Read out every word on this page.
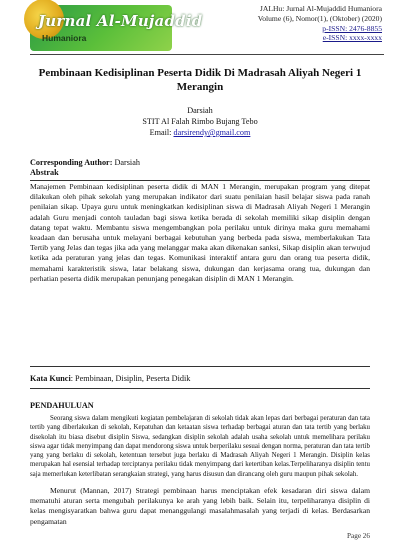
Jurnal Al-Mujaddid
Humaniora
JALHu: Jurnal Al-Mujaddid Humaniora
Volume (6), Nomor(1), (Oktober) (2020)
p-ISSN: 2476-8855
e-ISSN: xxxx-xxxx
Pembinaan Kedisiplinan Peserta Didik Di Madrasah Aliyah Negeri 1 Merangin
Darsiah
STIT Al Falah Rimbo Bujang Tebo
Email: darsirendy@gmail.com
Corresponding Author: Darsiah
Abstrak
Manajemen Pembinaan kedisiplinan peserta didik di MAN 1 Merangin, merupakan program yang ditepat dilakukan oleh pihak sekolah yang merupakan indikator dari suatu penilaian hasil belajar siswa pada ranah penilaian sikap. Upaya guru untuk meningkatkan kedisiplinan siswa di Madrasah Aliyah Negeri 1 Merangin adalah Guru menjadi contoh tauladan bagi siswa ketika berada di sekolah memiliki sikap disiplin dengan datang tepat waktu. Membantu siswa mengembangkan pola perilaku untuk dirinya maka guru memahami keadaan dan berusaha untuk melayani berbagai kebutuhan yang berbeda pada siswa, memberlakukan Tata Tertib yang Jelas dan tegas jika ada yang melanggar maka akan dikenakan sanksi, Sikap disiplin akan terwujud ketika ada peraturan yang jelas dan tegas. Komunikasi interaktif antara guru dan orang tua peserta didik, memahami karakteristik siswa, latar belakang siswa, dukungan dan kerjasama orang tua, dukungan dan perhatian peserta didik merupakan penunjang penegakan disiplin di MAN 1 Merangin.
Kata Kunci: Pembinaan, Disiplin, Peserta Didik
PENDAHULUAN
Seorang siswa dalam mengikuti kegiatan pembelajaran di sekolah tidak akan lepas dari berbagai peraturan dan tata tertib yang diberlakukan di sekolah, Kepatuhan dan ketaatan siswa terhadap berbagai aturan dan tata tertib yang berlaku disekolah itu biasa disebut disiplin Siswa, sedangkan disiplin sekolah adalah usaha sekolah untuk memelihara perilaku siswa agar tidak menyimpang dan dapat mendorong siswa untuk berperilaku sesuai dengan norma, peraturan dan tata tertib yang yang berlaku di sekolah, ketentuan tersebut juga berlaku di Madrasah Aliyah Negeri 1 Merangin. Disiplin kelas merupakan hal esensial terhadap terciptanya perilaku tidak menyimpang dari ketertiban kelas.Terpeliharanya disiplin tentu saja memerlukan keterlibatan serangkaian strategi, yang harus disusun dan dirancang oleh guru maupun pihak sekolah.
Menurut (Mannan, 2017) Strategi pembinaan harus menciptakan efek kesadaran diri siswa dalam mematuhi aturan serta mengubah perilakunya ke arah yang lebih baik. Selain itu, terpeliharanya disiplin di kelas mengisyaratkan bahwa guru dapat menanggulangi masalahmasalah yang terjadi di kelas. Berdasarkan pengamatan
Page 26
